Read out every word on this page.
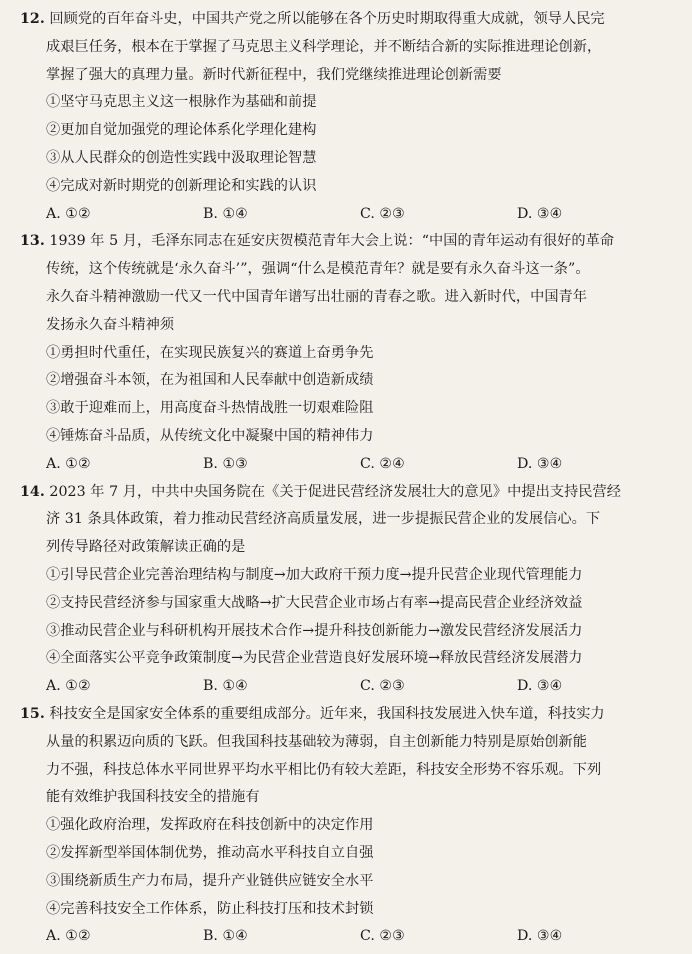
12. 回顾党的百年奋斗史，中国共产党之所以能够在各个历史时期取得重大成就，领导人民完
成艰巨任务，根本在于掌握了马克思主义科学理论，并不断结合新的实际推进理论创新，
掌握了强大的真理力量。新时代新征程中，我们党继续推进理论创新需要
①坚守马克思主义这一根脉作为基础和前提
②更加自觉加强党的理论体系化学理化建构
③从人民群众的创造性实践中汲取理论智慧
④完成对新时期党的创新理论和实践的认识
A. ①②	B. ①④	C. ②③	D. ③④
13. 1939 年 5 月，毛泽东同志在延安庆贺模范青年大会上说：“中国的青年运动有很好的革命
传统，这个传统就是‘永久奋斗’”，强调“什么是模范青年？就是要有永久奋斗这一条”。
永久奋斗精神激励一代又一代中国青年谱写出壮丽的青春之歌。进入新时代，中国青年
发扬永久奋斗精神须
①勇担时代重任，在实现民族复兴的赛道上奋勇争先
②增强奋斗本领，在为祖国和人民奉献中创造新成绩
③敢于迎难而上，用高度奋斗热情战胜一切艰难险阻
④锤炼奋斗品质，从传统文化中凝聚中国的精神伟力
A. ①②	B. ①③	C. ②④	D. ③④
14. 2023 年 7 月，中共中央国务院在《关于促进民营经济发展壮大的意见》中提出支持民营经
济 31 条具体政策，着力推动民营经济高质量发展，进一步提振民营企业的发展信心。下
列传导路径对政策解读正确的是
①引导民营企业完善治理结构与制度→加大政府干预力度→提升民营企业现代管理能力
②支持民营经济参与国家重大战略→扩大民营企业市场占有率→提高民营企业经济效益
③推动民营企业与科研机构开展技术合作→提升科技创新能力→激发民营经济发展活力
④全面落实公平竞争政策制度→为民营企业营造良好发展环境→释放民营经济发展潜力
A. ①②	B. ①④	C. ②③	D. ③④
15. 科技安全是国家安全体系的重要组成部分。近年来，我国科技发展进入快车道，科技实力
从量的积累迈向质的飞跃。但我国科技基础较为薄弱，自主创新能力特别是原始创新能
力不强，科技总体水平同世界平均水平相比仍有较大差距，科技安全形势不容乐观。下列
能有效维护我国科技安全的措施有
①强化政府治理，发挥政府在科技创新中的决定作用
②发挥新型举国体制优势，推动高水平科技自立自强
③围绕新质生产力布局，提升产业链供应链安全水平
④完善科技安全工作体系，防止科技打压和技术封锁
A. ①②	B. ①④	C. ②③	D. ③④
